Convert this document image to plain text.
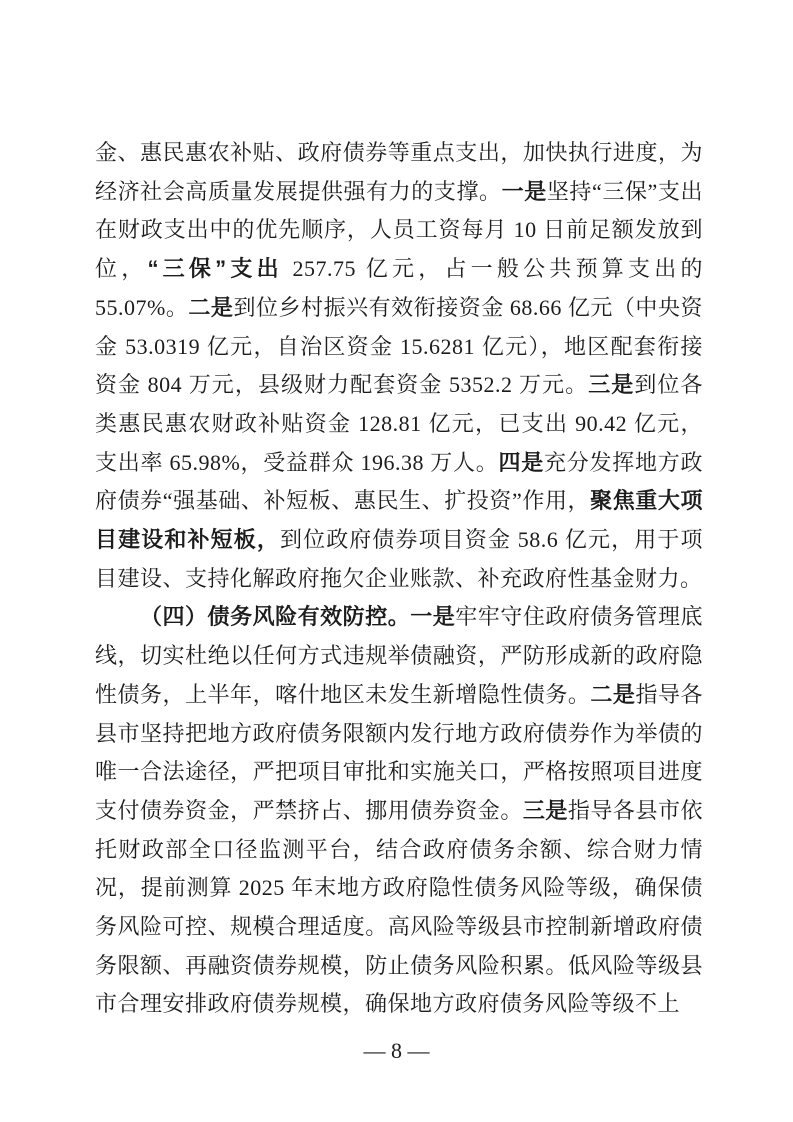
金、惠民惠农补贴、政府债券等重点支出，加快执行进度，为经济社会高质量发展提供强有力的支撑。一是坚持“三保”支出在财政支出中的优先顺序，人员工资每月 10 日前足额发放到位，“三保”支出 257.75 亿元，占一般公共预算支出的 55.07%。二是到位乡村振兴有效衔接资金 68.66 亿元（中央资金 53.0319 亿元，自治区资金 15.6281 亿元），地区配套衔接资金 804 万元，县级财力配套资金 5352.2 万元。三是到位各类惠民惠农财政补贴资金 128.81 亿元，已支出 90.42 亿元，支出率 65.98%，受益群众 196.38 万人。四是充分发挥地方政府债券“强基础、补短板、惠民生、扩投资”作用，聚焦重大项目建设和补短板，到位政府债券项目资金 58.6 亿元，用于项目建设、支持化解政府拖欠企业账款、补充政府性基金财力。

（四）债务风险有效防控。一是牢牢守住政府债务管理底线，切实杜绝以任何方式违规举债融资，严防形成新的政府隐性债务，上半年，喀什地区未发生新增隐性债务。二是指导各县市坚持把地方政府债务限额内发行地方政府债券作为举债的唯一合法途径，严把项目审批和实施关口，严格按照项目进度支付债券资金，严禁挤占、挪用债券资金。三是指导各县市依托财政部全口径监测平台，结合政府债务余额、综合财力情况，提前测算 2025 年末地方政府隐性债务风险等级，确保债务风险可控、规模合理适度。高风险等级县市控制新增政府债务限额、再融资债券规模，防止债务风险积累。低风险等级县市合理安排政府债券规模，确保地方政府债务风险等级不上

— 8 —
